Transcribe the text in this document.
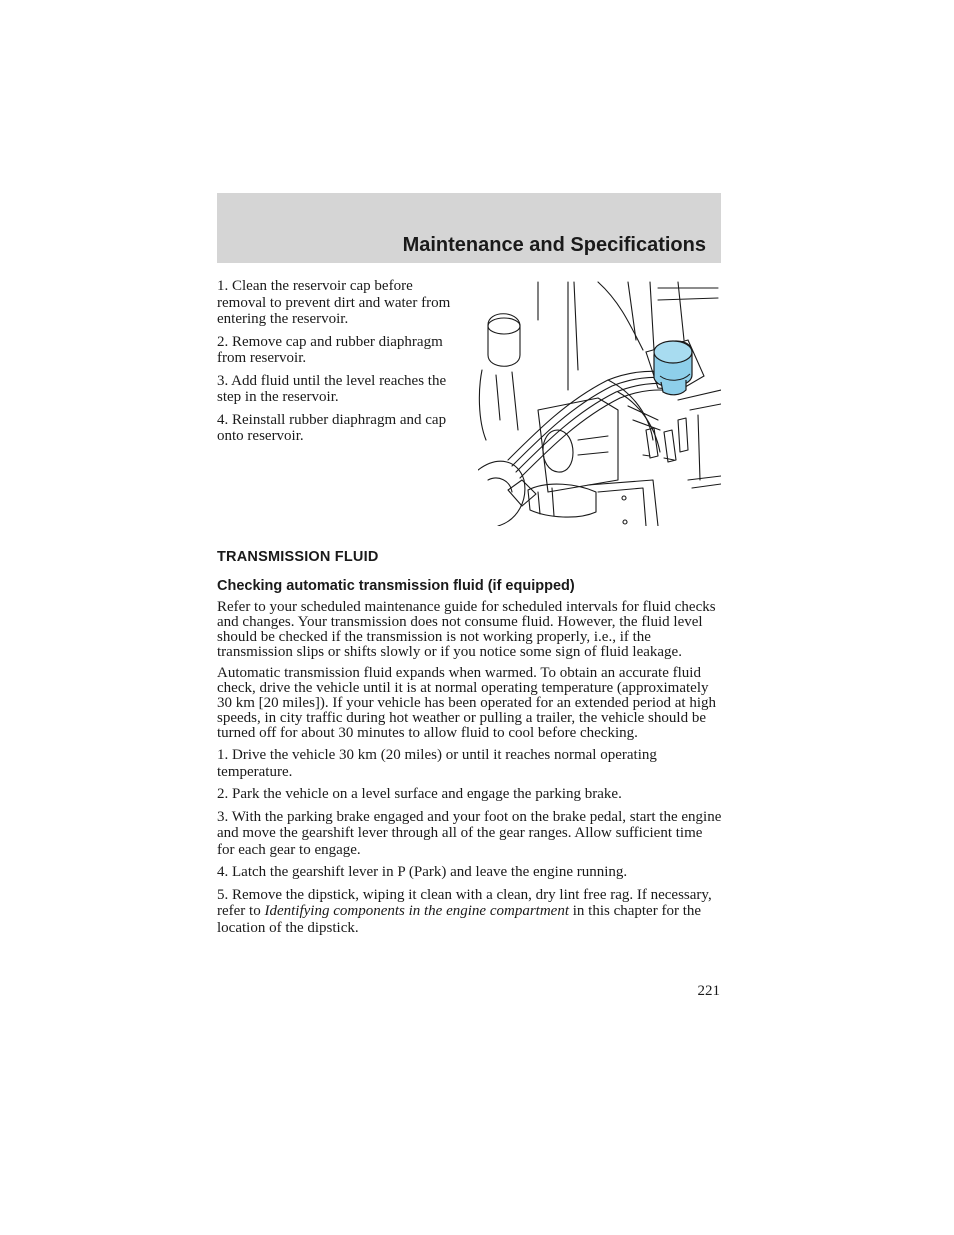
Maintenance and Specifications

1. Clean the reservoir cap before removal to prevent dirt and water from entering the reservoir.

2. Remove cap and rubber diaphragm from reservoir.

3. Add fluid until the level reaches the step in the reservoir.

4. Reinstall rubber diaphragm and cap onto reservoir.

TRANSMISSION FLUID
Checking automatic transmission fluid (if equipped)

Refer to your scheduled maintenance guide for scheduled intervals for fluid checks and changes. Your transmission does not consume fluid. However, the fluid level should be checked if the transmission is not working properly, i.e., if the transmission slips or shifts slowly or if you notice some sign of fluid leakage.

Automatic transmission fluid expands when warmed. To obtain an accurate fluid check, drive the vehicle until it is at normal operating temperature (approximately 30 km [20 miles]). If your vehicle has been operated for an extended period at high speeds, in city traffic during hot weather or pulling a trailer, the vehicle should be turned off for about 30 minutes to allow fluid to cool before checking.

1. Drive the vehicle 30 km (20 miles) or until it reaches normal operating temperature.

2. Park the vehicle on a level surface and engage the parking brake.

3. With the parking brake engaged and your foot on the brake pedal, start the engine and move the gearshift lever through all of the gear ranges. Allow sufficient time for each gear to engage.

4. Latch the gearshift lever in P (Park) and leave the engine running.

5. Remove the dipstick, wiping it clean with a clean, dry lint free rag. If necessary, refer to Identifying components in the engine compartment in this chapter for the location of the dipstick.

221
